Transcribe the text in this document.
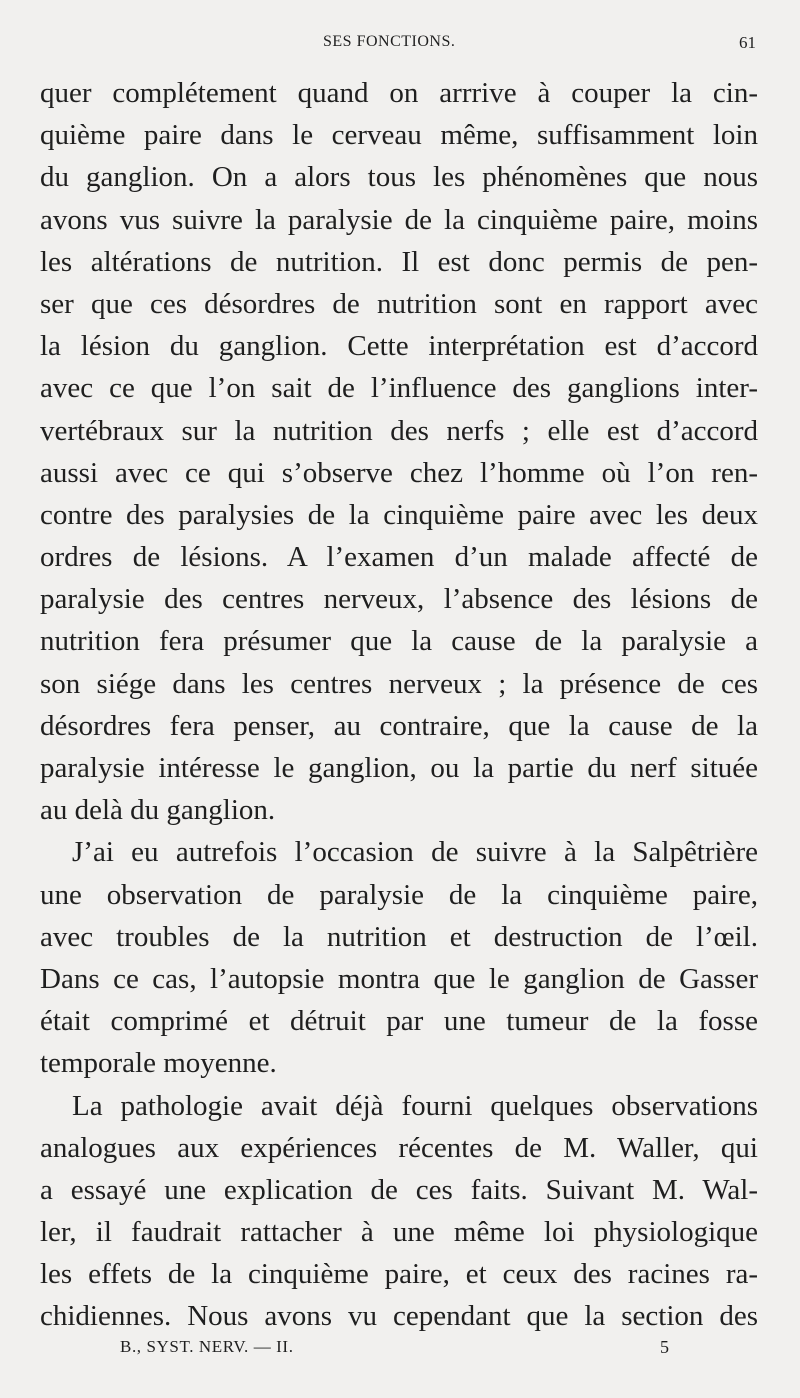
SES FONCTIONS.	61
quer complétement quand on arrrive à couper la cin-
quième paire dans le cerveau même, suffisamment loin
du ganglion. On a alors tous les phénomènes que nous
avons vus suivre la paralysie de la cinquième paire, moins
les altérations de nutrition. Il est donc permis de pen-
ser que ces désordres de nutrition sont en rapport avec
la lésion du ganglion. Cette interprétation est d’accord
avec ce que l’on sait de l’influence des ganglions inter-
vertébraux sur la nutrition des nerfs ; elle est d’accord
aussi avec ce qui s’observe chez l’homme où l’on ren-
contre des paralysies de la cinquième paire avec les deux
ordres de lésions. A l’examen d’un malade affecté de
paralysie des centres nerveux, l’absence des lésions de
nutrition fera présumer que la cause de la paralysie a
son siége dans les centres nerveux ; la présence de ces
désordres fera penser, au contraire, que la cause de la
paralysie intéresse le ganglion, ou la partie du nerf située
au delà du ganglion.
J’ai eu autrefois l’occasion de suivre à la Salpêtrière
une observation de paralysie de la cinquième paire,
avec troubles de la nutrition et destruction de l’œil.
Dans ce cas, l’autopsie montra que le ganglion de Gasser
était comprimé et détruit par une tumeur de la fosse
temporale moyenne.
La pathologie avait déjà fourni quelques observations
analogues aux expériences récentes de M. Waller, qui
a essayé une explication de ces faits. Suivant M. Wal-
ler, il faudrait rattacher à une même loi physiologique
les effets de la cinquième paire, et ceux des racines ra-
chidiennes. Nous avons vu cependant que la section des
B., SYST. NERV. — II.	5
